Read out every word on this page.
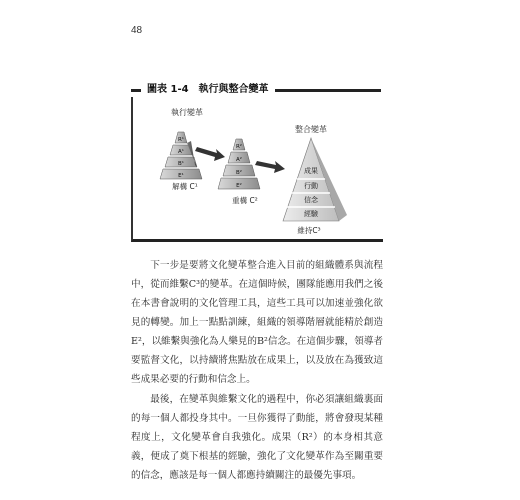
48
圖表 1-4　執行與整合變革
執行變革
整合變革
R¹
A¹
B¹
E¹
解構 C¹
R²
A²
B²
E²
重構 C²
成果
行動
信念
經驗
維持C³

下一步是要將文化變革整合進入目前的組織體系與流程中，從而維繫C³的變革。在這個時候，團隊能應用我們之後在本書會說明的文化管理工具，這些工具可以加速並強化欲見的轉變。加上一點點訓練，組織的領導階層就能精於創造E²，以維繫與強化為人樂見的B²信念。在這個步驟，領導者要監督文化，以持續將焦點放在成果上，以及放在為獲致這些成果必要的行動和信念上。

最後，在變革與維繫文化的過程中，你必須讓組織裏面的每一個人都投身其中。一旦你獲得了動能，將會發現某種程度上，文化變革會自我強化。成果（R²）的本身相其意義，便成了奠下根基的經驗，強化了文化變革作為至關重要的信念，應該是每一個人都應持續關注的最優先事項。
